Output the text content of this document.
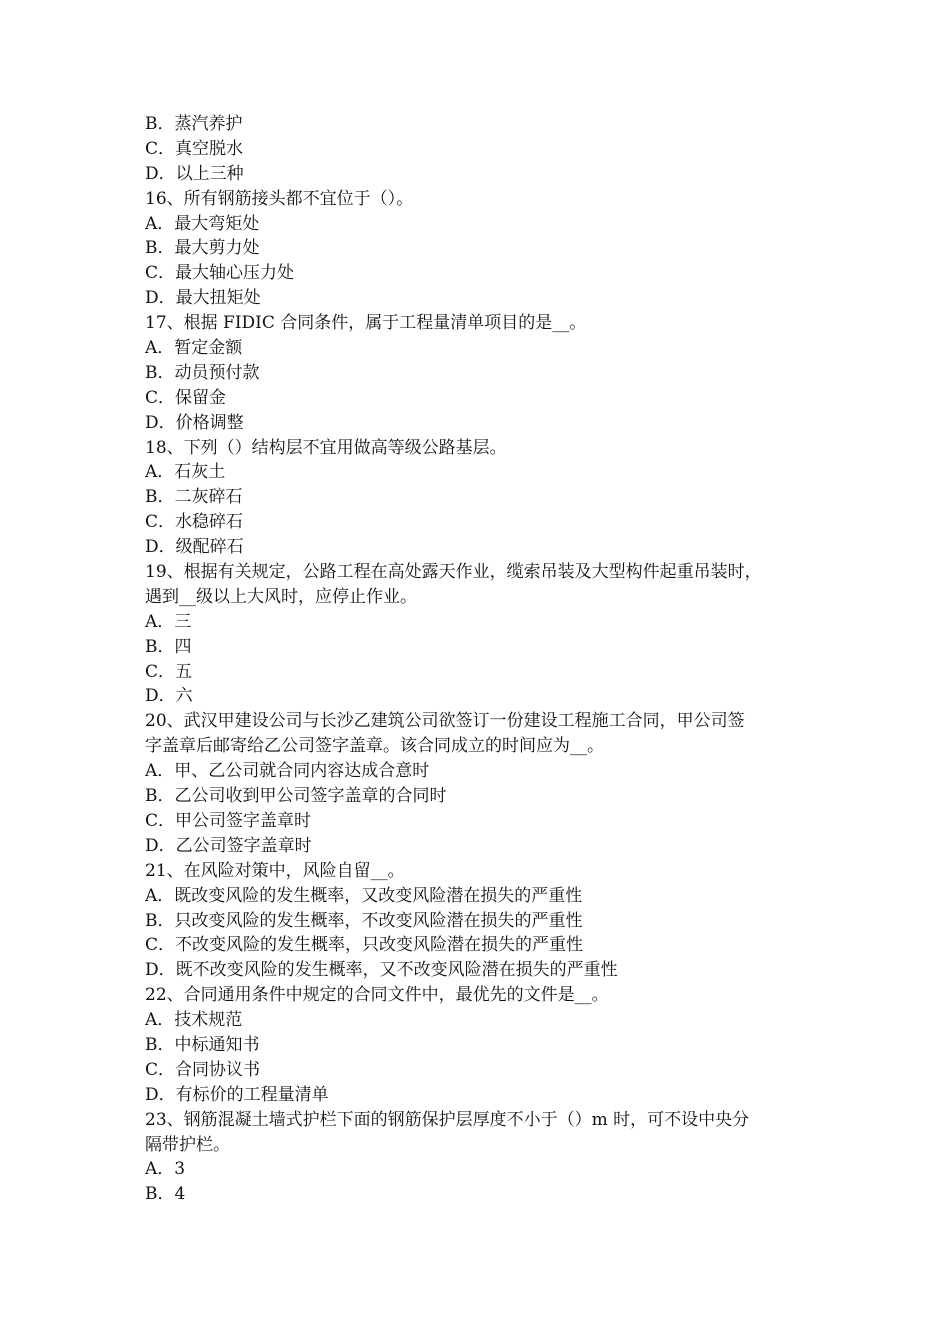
B．蒸汽养护
C．真空脱水
D．以上三种
16、所有钢筋接头都不宜位于（）。
A．最大弯矩处
B．最大剪力处
C．最大轴心压力处
D．最大扭矩处
17、根据 FIDIC 合同条件，属于工程量清单项目的是__。
A．暂定金额
B．动员预付款
C．保留金
D．价格调整
18、下列（）结构层不宜用做高等级公路基层。
A．石灰土
B．二灰碎石
C．水稳碎石
D．级配碎石
19、根据有关规定，公路工程在高处露天作业，缆索吊装及大型构件起重吊装时，
遇到__级以上大风时，应停止作业。
A．三
B．四
C．五
D．六
20、武汉甲建设公司与长沙乙建筑公司欲签订一份建设工程施工合同，甲公司签
字盖章后邮寄给乙公司签字盖章。该合同成立的时间应为__。
A．甲、乙公司就合同内容达成合意时
B．乙公司收到甲公司签字盖章的合同时
C．甲公司签字盖章时
D．乙公司签字盖章时
21、在风险对策中，风险自留__。
A．既改变风险的发生概率，又改变风险潜在损失的严重性
B．只改变风险的发生概率，不改变风险潜在损失的严重性
C．不改变风险的发生概率，只改变风险潜在损失的严重性
D．既不改变风险的发生概率，又不改变风险潜在损失的严重性
22、合同通用条件中规定的合同文件中，最优先的文件是__。
A．技术规范
B．中标通知书
C．合同协议书
D．有标价的工程量清单
23、钢筋混凝土墙式护栏下面的钢筋保护层厚度不小于（）m 时，可不设中央分
隔带护栏。
A．3
B．4
